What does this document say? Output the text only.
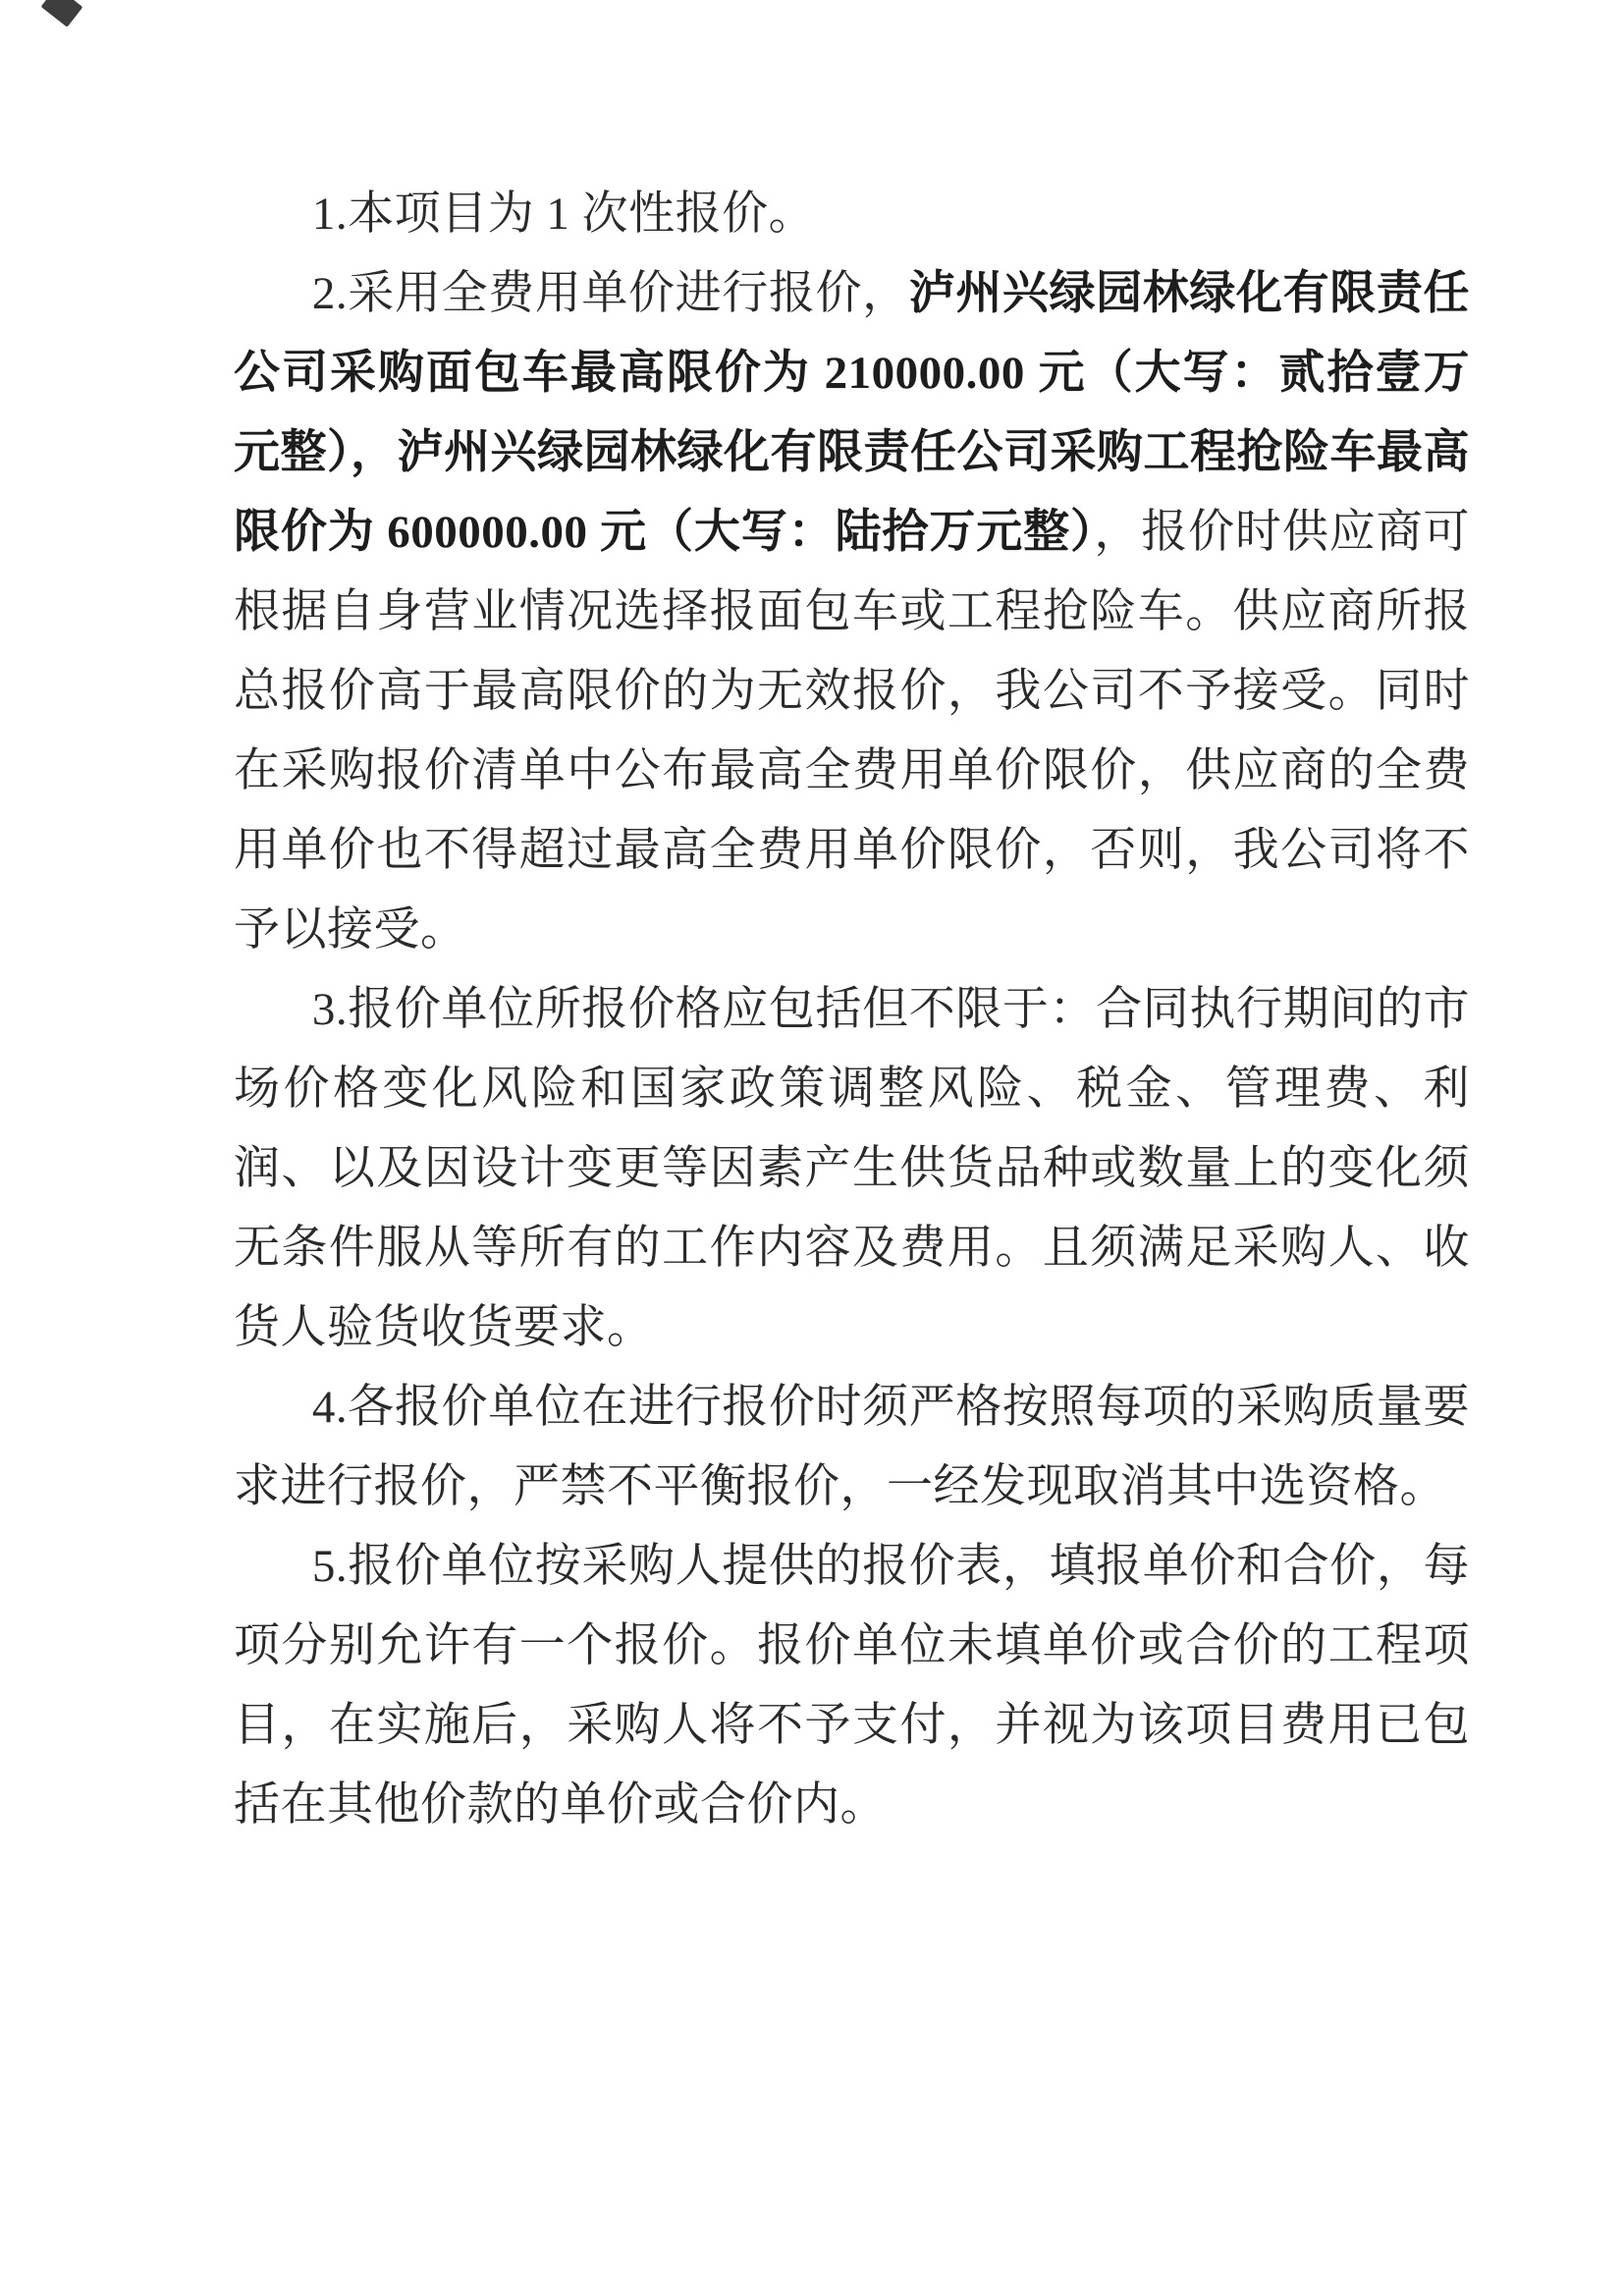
1.本项目为 1 次性报价。

2.采用全费用单价进行报价，泸州兴绿园林绿化有限责任公司采购面包车最高限价为 210000.00 元（大写：贰拾壹万元整），泸州兴绿园林绿化有限责任公司采购工程抢险车最高限价为 600000.00 元（大写：陆拾万元整），报价时供应商可根据自身营业情况选择报面包车或工程抢险车。供应商所报总报价高于最高限价的为无效报价，我公司不予接受。同时在采购报价清单中公布最高全费用单价限价，供应商的全费用单价也不得超过最高全费用单价限价，否则，我公司将不予以接受。

3.报价单位所报价格应包括但不限于：合同执行期间的市场价格变化风险和国家政策调整风险、税金、管理费、利润、以及因设计变更等因素产生供货品种或数量上的变化须无条件服从等所有的工作内容及费用。且须满足采购人、收货人验货收货要求。

4.各报价单位在进行报价时须严格按照每项的采购质量要求进行报价，严禁不平衡报价，一经发现取消其中选资格。

5.报价单位按采购人提供的报价表，填报单价和合价，每项分别允许有一个报价。报价单位未填单价或合价的工程项目，在实施后，采购人将不予支付，并视为该项目费用已包括在其他价款的单价或合价内。
